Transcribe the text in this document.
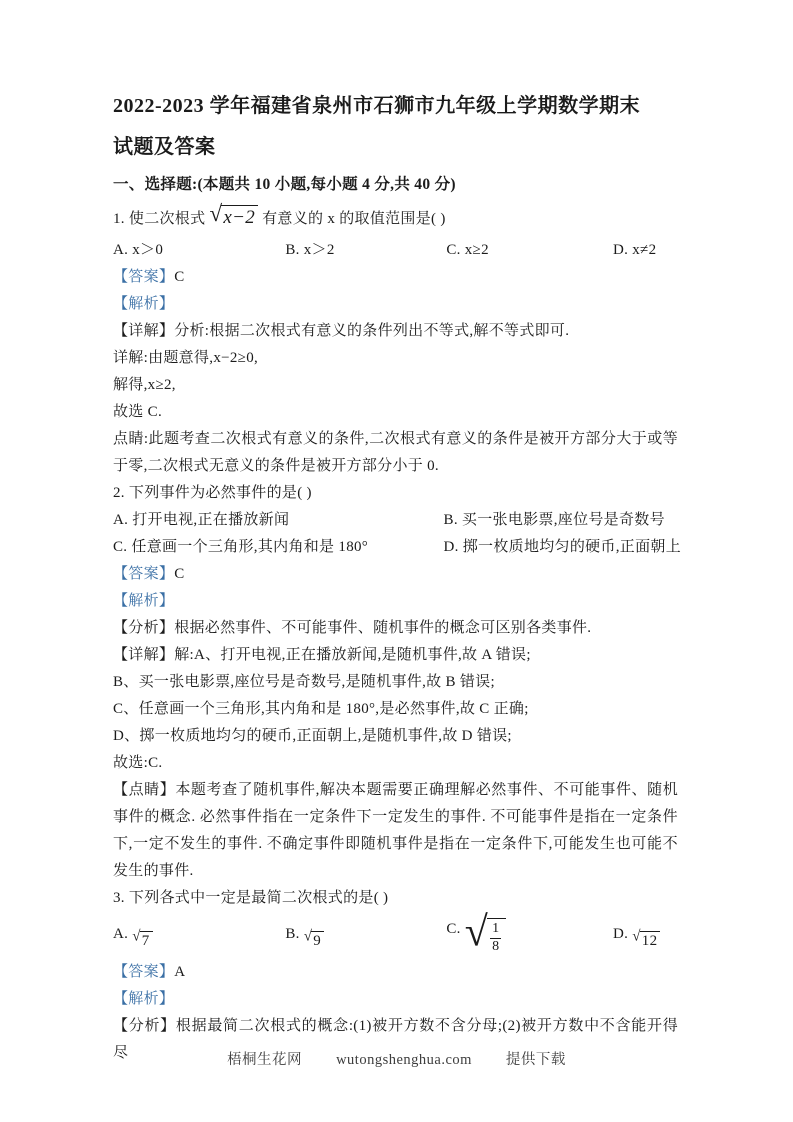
2022-2023 学年福建省泉州市石狮市九年级上学期数学期末
试题及答案
一、选择题:(本题共 10 小题,每小题 4 分,共 40 分)

1. 使二次根式 √ x−2 有意义的 x 的取值范围是( )

A. x＞0	B. x＞2	C. x≥2	D. x≠2

【答案】C

【解析】

【详解】分析:根据二次根式有意义的条件列出不等式,解不等式即可.

详解:由题意得,x−2≥0,

解得,x≥2,

故选 C.

点睛:此题考查二次根式有意义的条件,二次根式有意义的条件是被开方部分大于或等于零,二次根式无意义的条件是被开方部分小于 0.

2. 下列事件为必然事件的是( )

A. 打开电视,正在播放新闻	B. 买一张电影票,座位号是奇数号
C. 任意画一个三角形,其内角和是 180°	D. 掷一枚质地均匀的硬币,正面朝上

【答案】C

【解析】

【分析】根据必然事件、不可能事件、随机事件的概念可区别各类事件.

【详解】解:A、打开电视,正在播放新闻,是随机事件,故 A 错误;

B、买一张电影票,座位号是奇数号,是随机事件,故 B 错误;

C、任意画一个三角形,其内角和是 180°,是必然事件,故 C 正确;

D、掷一枚质地均匀的硬币,正面朝上,是随机事件,故 D 错误;

故选:C.

【点睛】本题考查了随机事件,解决本题需要正确理解必然事件、不可能事件、随机事件的概念. 必然事件指在一定条件下一定发生的事件. 不可能事件是指在一定条件下,一定不发生的事件. 不确定事件即随机事件是指在一定条件下,可能发生也可能不发生的事件.

3. 下列各式中一定是最简二次根式的是( )

A. √ 7	B. √ 9
C. √ $\frac{1}{8}$	D. √ 12

【答案】A

【解析】

【分析】根据最简二次根式的概念:(1)被开方数不含分母;(2)被开方数中不含能开得尽	梧桐生花网 wutongshenghua.com 提供下载
